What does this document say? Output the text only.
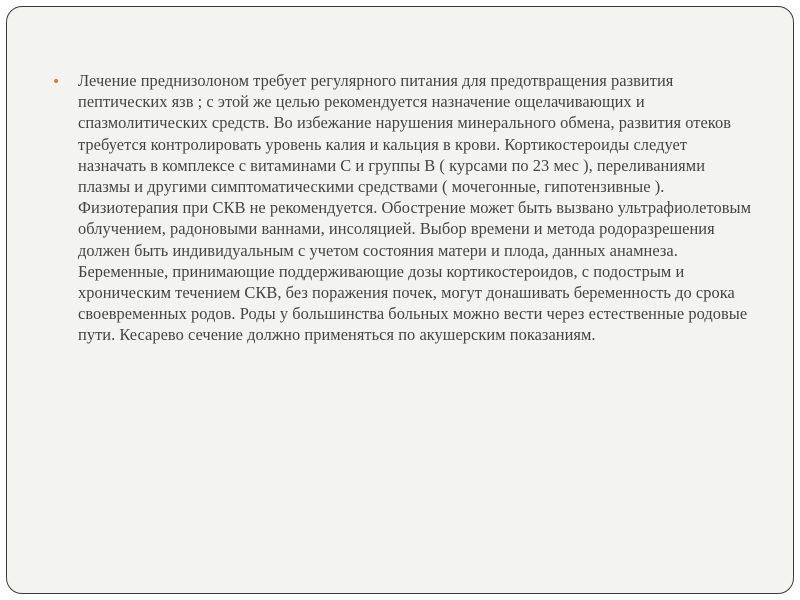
• Лечение преднизолоном требует регулярного питания для предотвращения развития пептических язв ; с этой же целью рекомендуется назначение ощелачивающих и спазмолитических средств. Во избежание нарушения минерального обмена, развития отеков требуется контролировать уровень калия и кальция в крови. Кортикостероиды следует назначать в комплексе с витаминами С и группы В ( курсами по 23 мес ), переливаниями плазмы и другими симптоматическими средствами ( мочегонные, гипотензивные ). Физиотерапия при СКВ не рекомендуется. Обострение может быть вызвано ультрафиолетовым облучением, радоновыми ваннами, инсоляцией. Выбор времени и метода родоразрешения должен быть индивидуальным с учетом состояния матери и плода, данных анамнеза. Беременные, принимающие поддерживающие дозы кортикостероидов, с подострым и хроническим течением СКВ, без поражения почек, могут донашивать беременность до срока своевременных родов. Роды у большинства больных можно вести через естественные родовые пути. Кесарево сечение должно применяться по акушерским показаниям.
